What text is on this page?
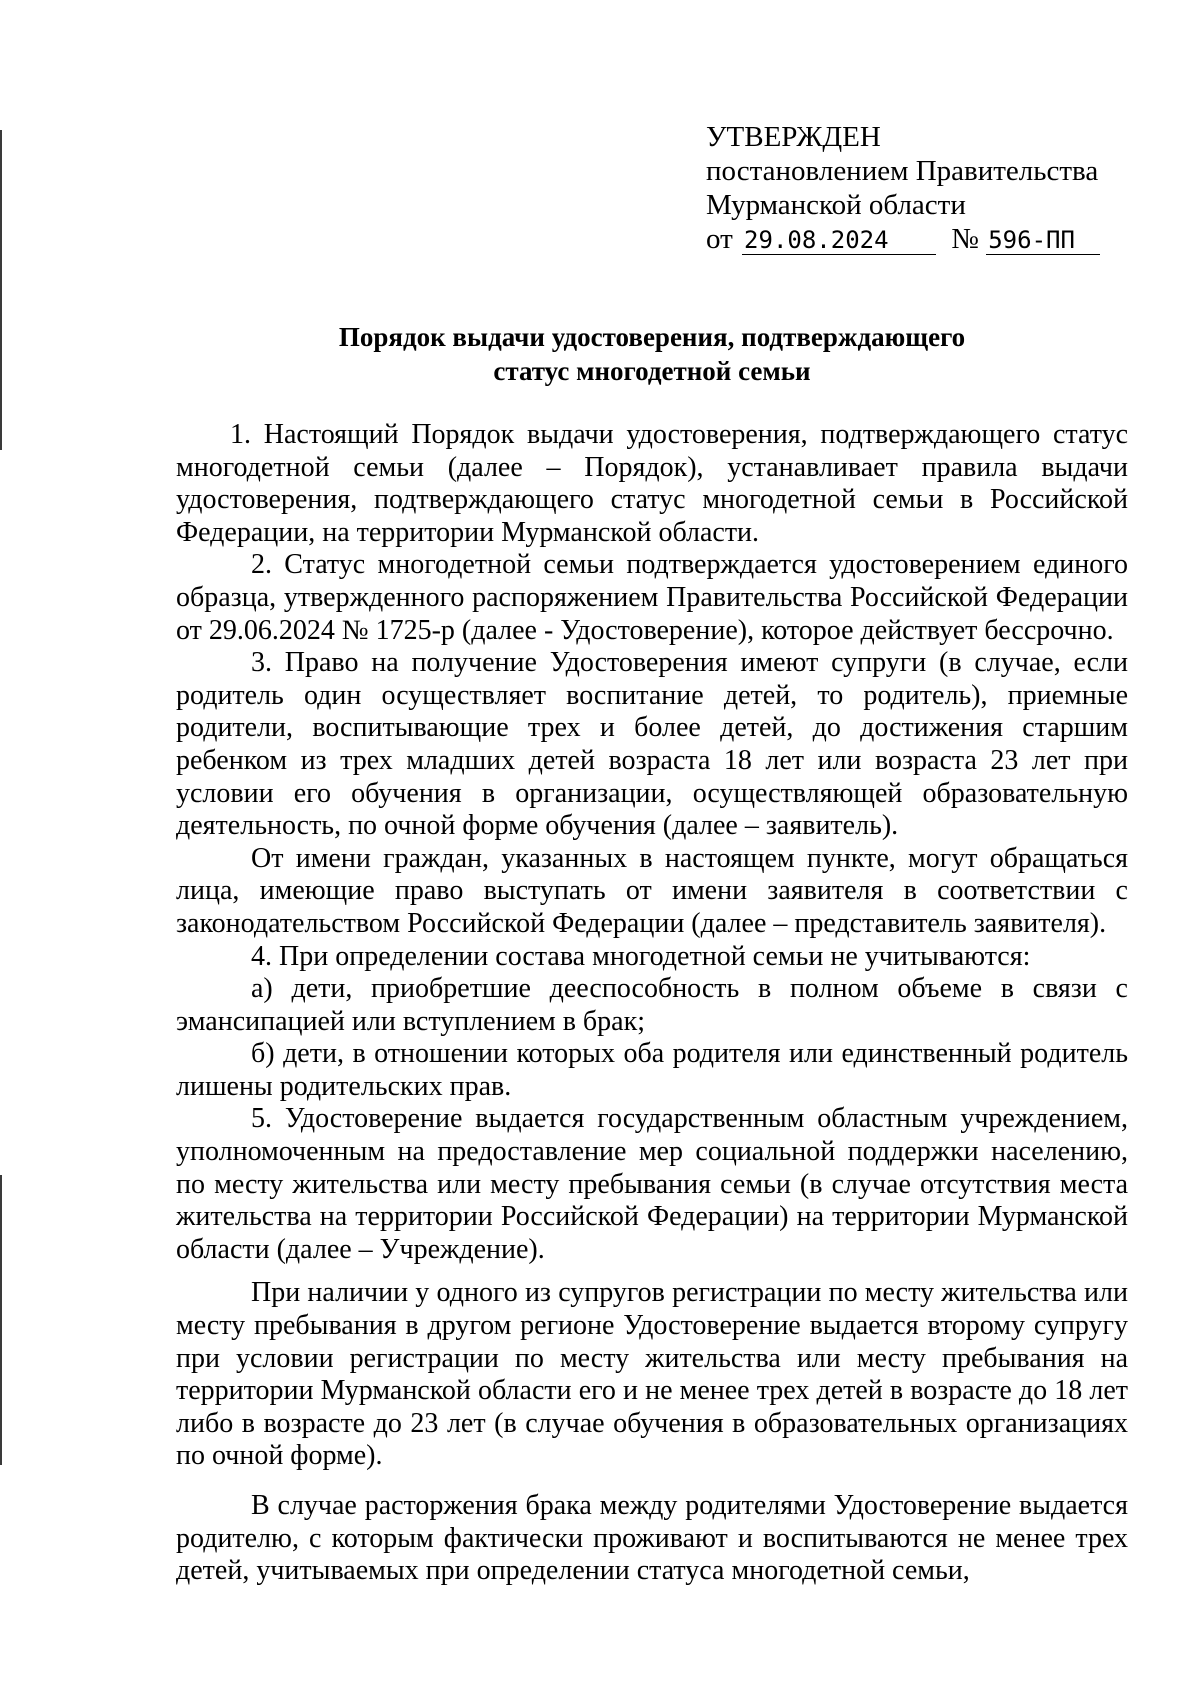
УТВЕРЖДЕН
постановлением Правительства
Мурманской области
от 29.08.2024 № 596-ПП
Порядок выдачи удостоверения, подтверждающего
статус многодетной семьи

1. Настоящий Порядок выдачи удостоверения, подтверждающего статус многодетной семьи (далее – Порядок), устанавливает правила выдачи удостоверения, подтверждающего статус многодетной семьи в Российской Федерации, на территории Мурманской области.

2. Статус многодетной семьи подтверждается удостоверением единого образца, утвержденного распоряжением Правительства Российской Федерации от 29.06.2024 № 1725-р (далее - Удостоверение), которое действует бессрочно.

3. Право на получение Удостоверения имеют супруги (в случае, если родитель один осуществляет воспитание детей, то родитель), приемные родители, воспитывающие трех и более детей, до достижения старшим ребенком из трех младших детей возраста 18 лет или возраста 23 лет при условии его обучения в организации, осуществляющей образовательную деятельность, по очной форме обучения (далее – заявитель).

От имени граждан, указанных в настоящем пункте, могут обращаться лица, имеющие право выступать от имени заявителя в соответствии с законодательством Российской Федерации (далее – представитель заявителя).

4. При определении состава многодетной семьи не учитываются:

а) дети, приобретшие дееспособность в полном объеме в связи с эмансипацией или вступлением в брак;

б) дети, в отношении которых оба родителя или единственный родитель лишены родительских прав.

5. Удостоверение выдается государственным областным учреждением, уполномоченным на предоставление мер социальной поддержки населению, по месту жительства или месту пребывания семьи (в случае отсутствия места жительства на территории Российской Федерации) на территории Мурманской области (далее – Учреждение).

При наличии у одного из супругов регистрации по месту жительства или месту пребывания в другом регионе Удостоверение выдается второму супругу при условии регистрации по месту жительства или месту пребывания на территории Мурманской области его и не менее трех детей в возрасте до 18 лет либо в возрасте до 23 лет (в случае обучения в образовательных организациях по очной форме).

В случае расторжения брака между родителями Удостоверение выдается родителю, с которым фактически проживают и воспитываются не менее трех детей, учитываемых при определении статуса многодетной семьи,
